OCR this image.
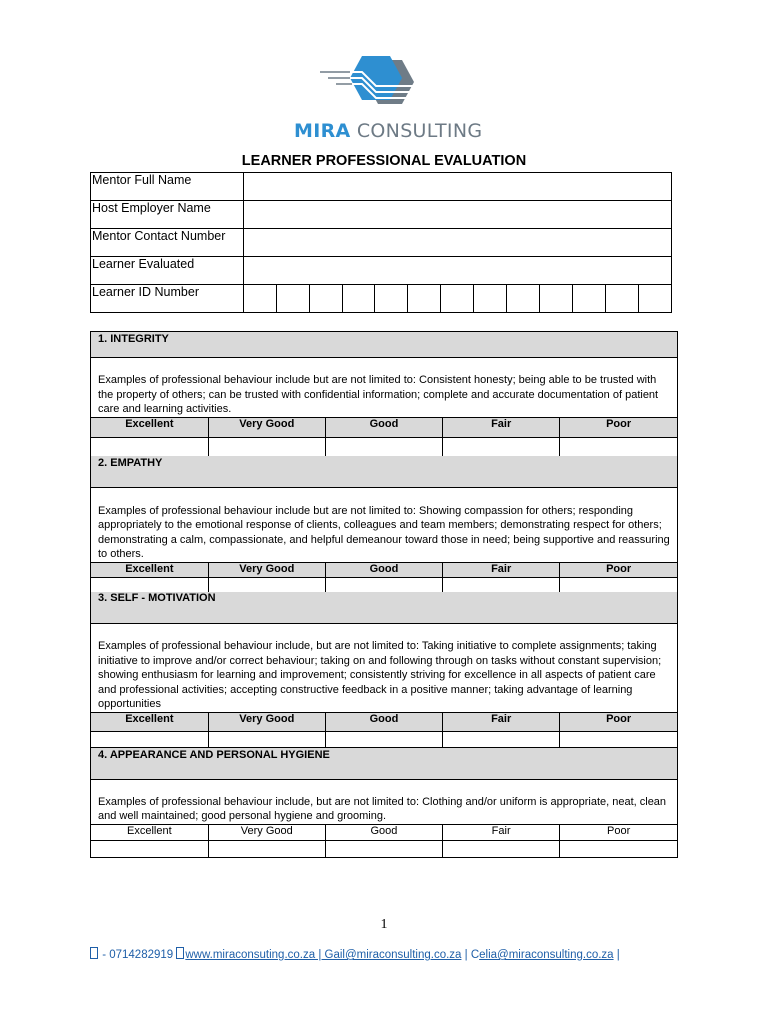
MIRA CONSULTING
LEARNER PROFESSIONAL EVALUATION
Mentor Full Name													
Host Employer Name													
Mentor Contact Number													
Learner Evaluated													
Learner ID Number													
1. INTEGRITY
Examples of professional behaviour include but are not limited to: Consistent honesty; being able to be trusted with the property of others; can be trusted with confidential information; complete and accurate documentation of patient care and learning activities.
Excellent	Very Good	Good	Fair	Poor

2. EMPATHY
Examples of professional behaviour include but are not limited to: Showing compassion for others; responding appropriately to the emotional response of clients, colleagues and team members; demonstrating respect for others; demonstrating a calm, compassionate, and helpful demeanour toward those in need; being supportive and reassuring to others.
Excellent	Very Good	Good	Fair	Poor

3. SELF - MOTIVATION
Examples of professional behaviour include, but are not limited to: Taking initiative to complete assignments; taking initiative to improve and/or correct behaviour; taking on and following through on tasks without constant supervision; showing enthusiasm for learning and improvement; consistently striving for excellence in all aspects of patient care and professional activities; accepting constructive feedback in a positive manner; taking advantage of learning opportunities
Excellent	Very Good	Good	Fair	Poor

4. APPEARANCE AND PERSONAL HYGIENE
Examples of professional behaviour include, but are not limited to: Clothing and/or uniform is appropriate, neat, clean and well maintained; good personal hygiene and grooming.
Excellent	Very Good	Good	Fair	Poor

1
- 0714282919 www.miraconsuting.co.za | Gail@miraconsulting.co.za | Celia@miraconsulting.co.za |
